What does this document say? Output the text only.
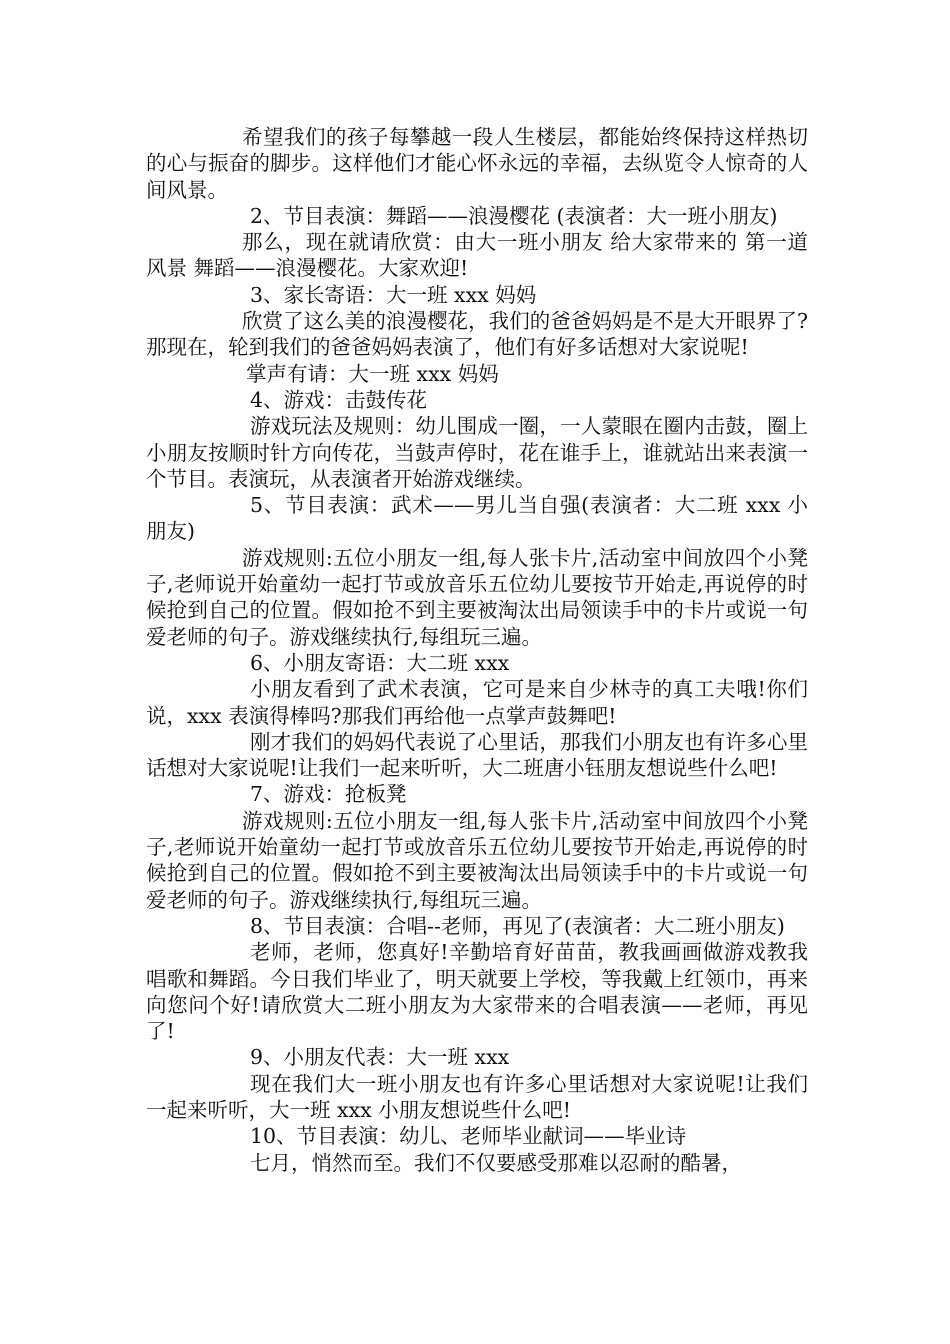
希望我们的孩子每攀越一段人生楼层，都能始终保持这样热切的心与振奋的脚步。这样他们才能心怀永远的幸福，去纵览令人惊奇的人间风景。

2、节目表演：舞蹈——浪漫樱花 (表演者：大一班小朋友)

那么，现在就请欣赏：由大一班小朋友 给大家带来的 第一道风景 舞蹈——浪漫樱花。大家欢迎!

3、家长寄语：大一班 xxx 妈妈

欣赏了这么美的浪漫樱花，我们的爸爸妈妈是不是大开眼界了?那现在，轮到我们的爸爸妈妈表演了，他们有好多话想对大家说呢!

掌声有请：大一班 xxx 妈妈

4、游戏：击鼓传花

游戏玩法及规则：幼儿围成一圈，一人蒙眼在圈内击鼓，圈上小朋友按顺时针方向传花，当鼓声停时，花在谁手上，谁就站出来表演一个节目。表演玩，从表演者开始游戏继续。

5、节目表演：武术——男儿当自强(表演者：大二班 xxx 小朋友)

游戏规则:五位小朋友一组,每人张卡片,活动室中间放四个小凳子,老师说开始童幼一起打节或放音乐五位幼儿要按节开始走,再说停的时候抢到自己的位置。假如抢不到主要被淘汰出局领读手中的卡片或说一句爱老师的句子。游戏继续执行,每组玩三遍。

6、小朋友寄语：大二班 xxx

小朋友看到了武术表演，它可是来自少林寺的真工夫哦!你们说，xxx 表演得棒吗?那我们再给他一点掌声鼓舞吧!

刚才我们的妈妈代表说了心里话，那我们小朋友也有许多心里话想对大家说呢!让我们一起来听听，大二班唐小钰朋友想说些什么吧!

7、游戏：抢板凳

游戏规则:五位小朋友一组,每人张卡片,活动室中间放四个小凳子,老师说开始童幼一起打节或放音乐五位幼儿要按节开始走,再说停的时候抢到自己的位置。假如抢不到主要被淘汰出局领读手中的卡片或说一句爱老师的句子。游戏继续执行,每组玩三遍。

8、节目表演：合唱--老师，再见了(表演者：大二班小朋友)

老师，老师，您真好!辛勤培育好苗苗，教我画画做游戏教我唱歌和舞蹈。今日我们毕业了，明天就要上学校，等我戴上红领巾，再来向您问个好!请欣赏大二班小朋友为大家带来的合唱表演——老师，再见了!

9、小朋友代表：大一班 xxx

现在我们大一班小朋友也有许多心里话想对大家说呢!让我们一起来听听，大一班 xxx 小朋友想说些什么吧!

10、节目表演：幼儿、老师毕业献词——毕业诗

七月，悄然而至。我们不仅要感受那难以忍耐的酷暑，
